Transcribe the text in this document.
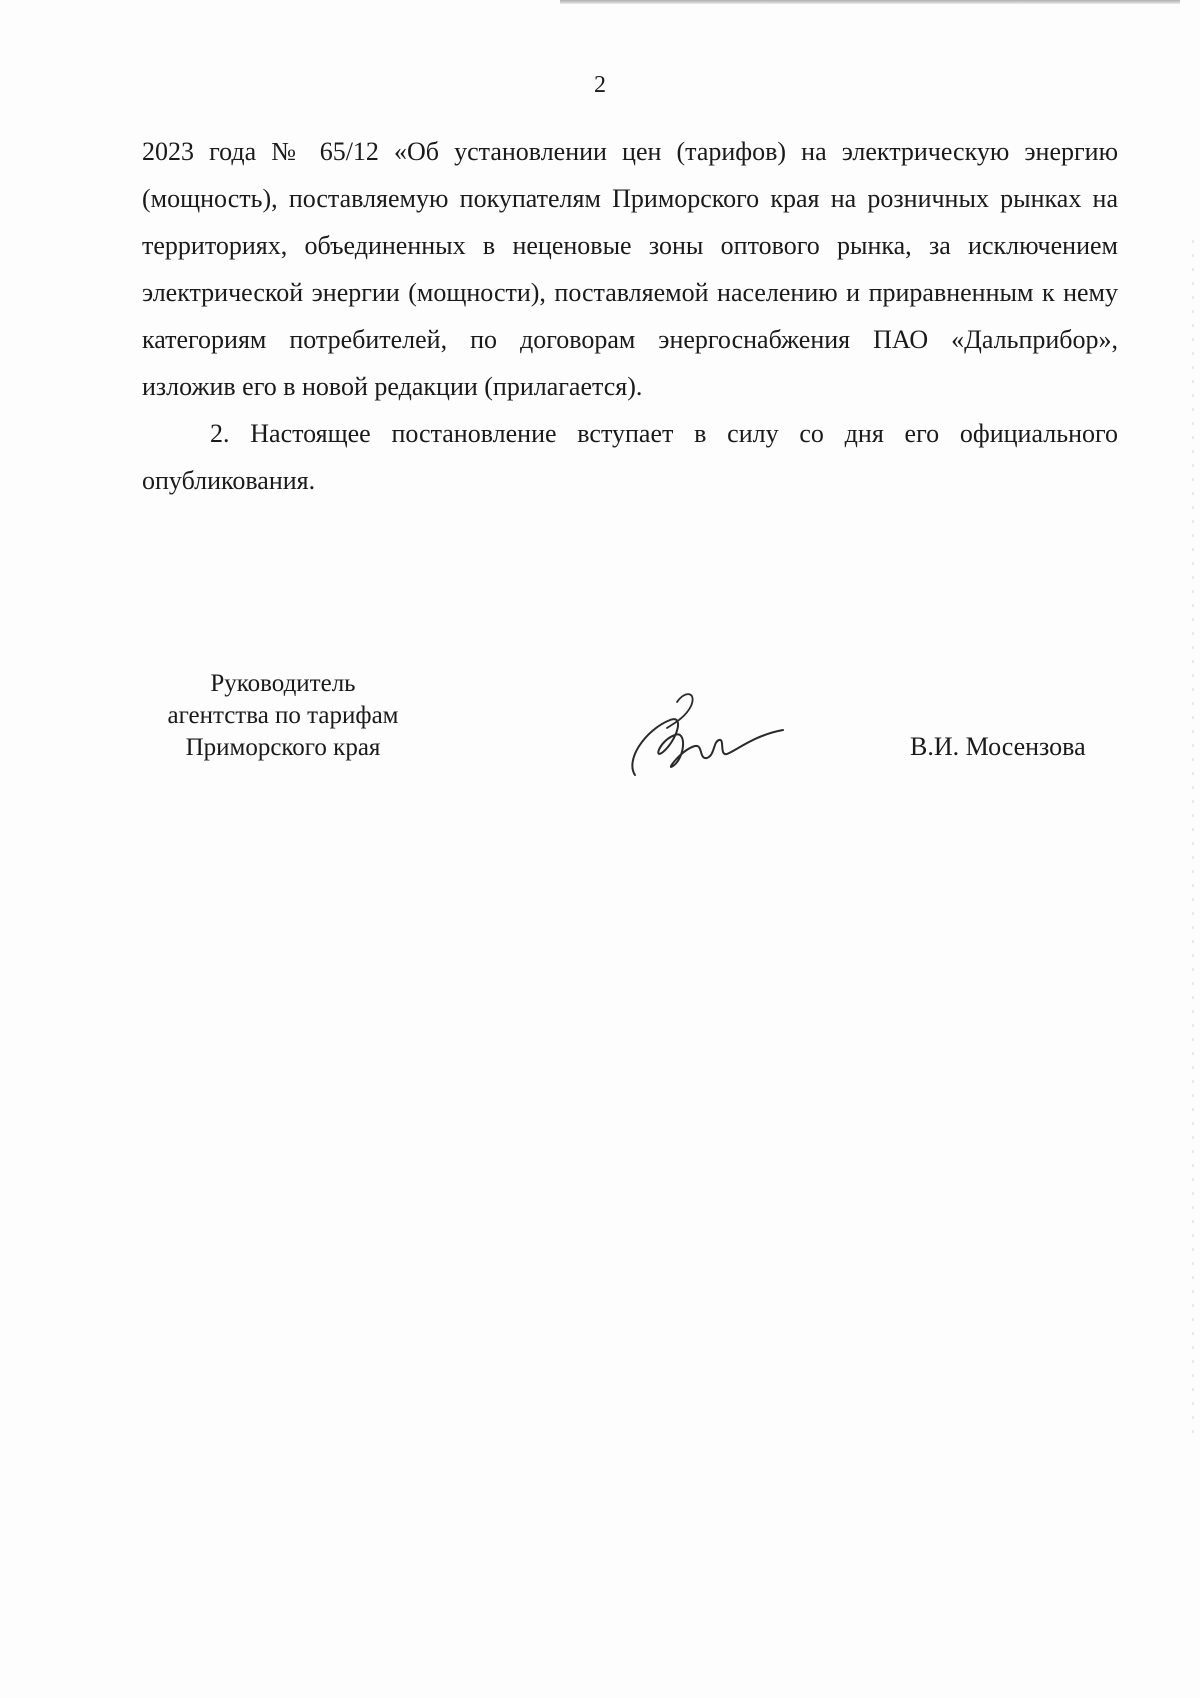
2

2023 года № 65/12 «Об установлении цен (тарифов) на электрическую энергию (мощность), поставляемую покупателям Приморского края на розничных рынках на территориях, объединенных в неценовые зоны оптового рынка, за исключением электрической энергии (мощности), поставляемой населению и приравненным к нему категориям потребителей, по договорам энергоснабжения ПАО «Дальприбор», изложив его в новой редакции (прилагается).

2. Настоящее постановление вступает в силу со дня его официального опубликования.

Руководитель
агентства по тарифам
Приморского края	В.И. Мосензова
